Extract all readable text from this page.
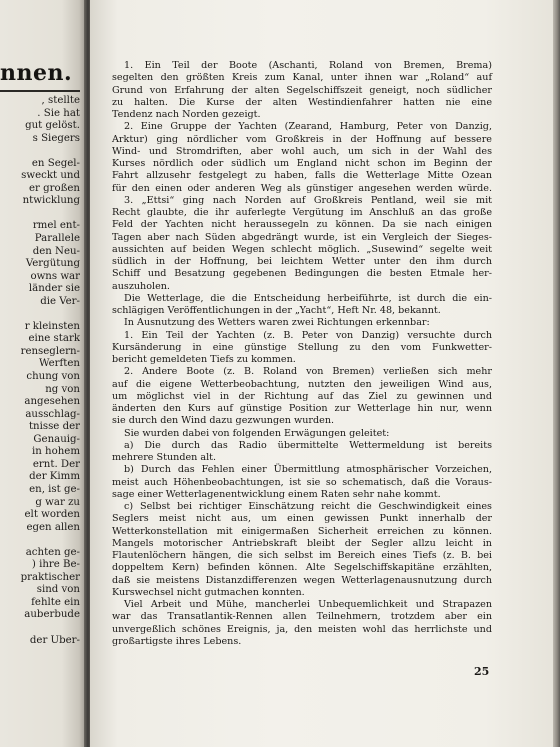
nnen.
, stellte
. Sie hat
gut gelöst.
s Siegers
en Segel-
sweckt und
er großen
ntwicklung
rmel ent-
Parallele
den Neu-
Vergütung
owns war
länder sie
die Ver-
r kleinsten
eine stark
renseglern-
Werften
chung von
ng von
angesehen
ausschlag-
tnisse der
Genauig-
in hohem
ernt. Der
der Kimm
en, ist ge-
g war zu
elt worden
egen allen
achten ge-
) ihre Be-
praktischer
sind von
fehlte ein
auberbude
der Über-
1. Ein Teil der Boote (Aschanti, Roland von Bremen, Brema)
segelten den größten Kreis zum Kanal, unter ihnen war „Roland“ auf
Grund von Erfahrung der alten Segelschiffszeit geneigt, noch südlicher
zu halten. Die Kurse der alten Westindienfahrer hatten nie eine
Tendenz nach Norden gezeigt.
2. Eine Gruppe der Yachten (Zearand, Hamburg, Peter von Danzig,
Arktur) ging nördlicher vom Großkreis in der Hoffnung auf bessere
Wind- und Stromdriften, aber wohl auch, um sich in der Wahl des
Kurses nördlich oder südlich um England nicht schon im Beginn der
Fahrt allzusehr festgelegt zu haben, falls die Wetterlage Mitte Ozean
für den einen oder anderen Weg als günstiger angesehen werden würde.
3. „Ettsi“ ging nach Norden auf Großkreis Pentland, weil sie mit
Recht glaubte, die ihr auferlegte Vergütung im Anschluß an das große
Feld der Yachten nicht heraussegeln zu können. Da sie nach einigen
Tagen aber nach Süden abgedrängt wurde, ist ein Vergleich der Sieges-
aussichten auf beiden Wegen schlecht möglich. „Susewind“ segelte weit
südlich in der Hoffnung, bei leichtem Wetter unter den ihm durch
Schiff und Besatzung gegebenen Bedingungen die besten Etmale her-
auszuholen.
Die Wetterlage, die die Entscheidung herbeiführte, ist durch die ein-
schlägigen Veröffentlichungen in der „Yacht“, Heft Nr. 48, bekannt.
In Ausnutzung des Wetters waren zwei Richtungen erkennbar:
1. Ein Teil der Yachten (z. B. Peter von Danzig) versuchte durch
Kursänderung in eine günstige Stellung zu den vom Funkwetter-
bericht gemeldeten Tiefs zu kommen.
2. Andere Boote (z. B. Roland von Bremen) verließen sich mehr
auf die eigene Wetterbeobachtung, nutzten den jeweiligen Wind aus,
um möglichst viel in der Richtung auf das Ziel zu gewinnen und
änderten den Kurs auf günstige Position zur Wetterlage hin nur, wenn
sie durch den Wind dazu gezwungen wurden.
Sie wurden dabei von folgenden Erwägungen geleitet:
a) Die durch das Radio übermittelte Wettermeldung ist bereits
mehrere Stunden alt.
b) Durch das Fehlen einer Übermittlung atmosphärischer Vorzeichen,
meist auch Höhenbeobachtungen, ist sie so schematisch, daß die Voraus-
sage einer Wetterlagenentwicklung einem Raten sehr nahe kommt.
c) Selbst bei richtiger Einschätzung reicht die Geschwindigkeit eines
Seglers meist nicht aus, um einen gewissen Punkt innerhalb der
Wetterkonstellation mit einigermaßen Sicherheit erreichen zu können.
Mangels motorischer Antriebskraft bleibt der Segler allzu leicht in
Flautenlöchern hängen, die sich selbst im Bereich eines Tiefs (z. B. bei
doppeltem Kern) befinden können. Alte Segelschiffskapitäne erzählten,
daß sie meistens Distanzdifferenzen wegen Wetterlagenausnutzung durch
Kurswechsel nicht gutmachen konnten.
Viel Arbeit und Mühe, mancherlei Unbequemlichkeit und Strapazen
war das Transatlantik-Rennen allen Teilnehmern, trotzdem aber ein
unvergeßlich schönes Ereignis, ja, den meisten wohl das herrlichste und
großartigste ihres Lebens.
25
